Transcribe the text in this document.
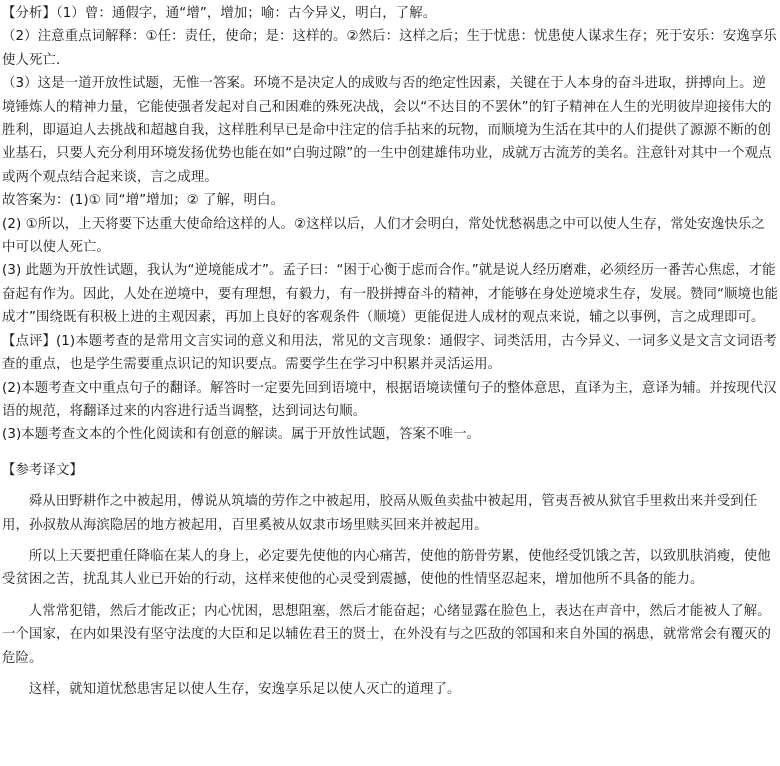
【分析】（1）曾：通假字，通“增”，增加；喻：古今异义，明白，了解。

（2）注意重点词解释：①任：责任，使命；是：这样的。②然后：这样之后；生于忧患：忧患使人谋求生存；死于安乐：安逸享乐使人死亡.

（3）这是一道开放性试题，无惟一答案。环境不是决定人的成败与否的绝定性因素，关键在于人本身的奋斗进取，拼搏向上。逆境锤炼人的精神力量，它能使强者发起对自己和困难的殊死决战，会以“不达目的不罢休”的钉子精神在人生的光明彼岸迎接伟大的胜利，即逼迫人去挑战和超越自我，这样胜利早已是命中注定的信手拈来的玩物，而顺境为生活在其中的人们提供了源源不断的创业基石，只要人充分利用环境发扬优势也能在如“白驹过隙”的一生中创建雄伟功业，成就万古流芳的美名。注意针对其中一个观点或两个观点结合起来谈，言之成理。

故答案为：(1)① 同“增”增加；② 了解，明白。

(2) ①所以，上天将要下达重大使命给这样的人。②这样以后，人们才会明白，常处忧愁祸患之中可以使人生存，常处安逸快乐之中可以使人死亡。

(3) 此题为开放性试题，我认为“逆境能成才”。孟子曰：“困于心衡于虑而合作。”就是说人经历磨难，必须经历一番苦心焦虑，才能奋起有作为。因此，人处在逆境中，要有理想，有毅力，有一股拼搏奋斗的精神，才能够在身处逆境求生存，发展。赞同“顺境也能成才”围绕既有积极上进的主观因素，再加上良好的客观条件（顺境）更能促进人成材的观点来说，辅之以事例，言之成理即可。

【点评】(1)本题考查的是常用文言实词的意义和用法，常见的文言现象：通假字、词类活用，古今异义、一词多义是文言文词语考查的重点，也是学生需要重点识记的知识要点。需要学生在学习中积累并灵活运用。

(2)本题考查文中重点句子的翻译。解答时一定要先回到语境中，根据语境读懂句子的整体意思，直译为主，意译为辅。并按现代汉语的规范，将翻译过来的内容进行适当调整，达到词达句顺。

(3)本题考查文本的个性化阅读和有创意的解读。属于开放性试题，答案不唯一。

【参考译文】

舜从田野耕作之中被起用，傅说从筑墙的劳作之中被起用，胶鬲从贩鱼卖盐中被起用，管夷吾被从狱官手里救出来并受到任用，孙叔敖从海滨隐居的地方被起用，百里奚被从奴隶市场里赎买回来并被起用。

所以上天要把重任降临在某人的身上，必定要先使他的内心痛苦，使他的筋骨劳累，使他经受饥饿之苦，以致肌肤消瘦，使他受贫困之苦，扰乱其人业已开始的行动，这样来使他的心灵受到震撼，使他的性情坚忍起来，增加他所不具备的能力。

人常常犯错，然后才能改正；内心忧困，思想阻塞，然后才能奋起；心绪显露在脸色上，表达在声音中，然后才能被人了解。一个国家，在内如果没有坚守法度的大臣和足以辅佐君王的贤士，在外没有与之匹敌的邻国和来自外国的祸患，就常常会有覆灭的危险。

这样，就知道忧愁患害足以使人生存，安逸享乐足以使人灭亡的道理了。
